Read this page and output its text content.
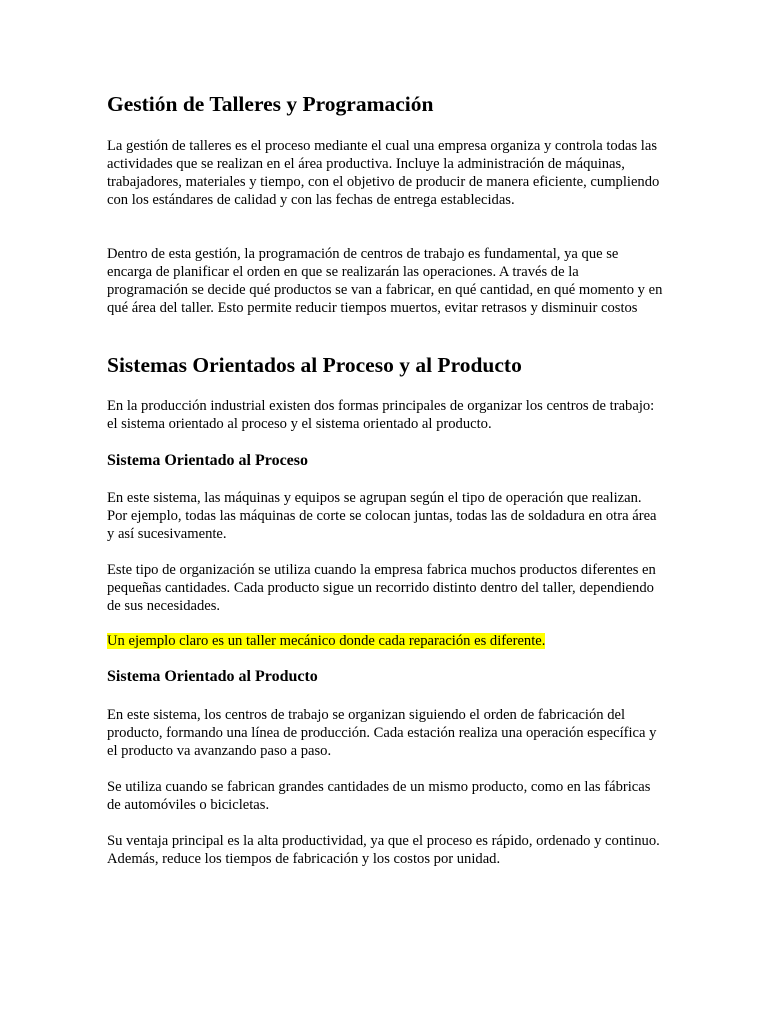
Gestión de Talleres y Programación

La gestión de talleres es el proceso mediante el cual una empresa organiza y controla todas las actividades que se realizan en el área productiva. Incluye la administración de máquinas, trabajadores, materiales y tiempo, con el objetivo de producir de manera eficiente, cumpliendo con los estándares de calidad y con las fechas de entrega establecidas.

Dentro de esta gestión, la programación de centros de trabajo es fundamental, ya que se encarga de planificar el orden en que se realizarán las operaciones. A través de la programación se decide qué productos se van a fabricar, en qué cantidad, en qué momento y en qué área del taller. Esto permite reducir tiempos muertos, evitar retrasos y disminuir costos

Sistemas Orientados al Proceso y al Producto

En la producción industrial existen dos formas principales de organizar los centros de trabajo: el sistema orientado al proceso y el sistema orientado al producto.

Sistema Orientado al Proceso

En este sistema, las máquinas y equipos se agrupan según el tipo de operación que realizan. Por ejemplo, todas las máquinas de corte se colocan juntas, todas las de soldadura en otra área y así sucesivamente.

Este tipo de organización se utiliza cuando la empresa fabrica muchos productos diferentes en pequeñas cantidades. Cada producto sigue un recorrido distinto dentro del taller, dependiendo de sus necesidades.

Un ejemplo claro es un taller mecánico donde cada reparación es diferente.

Sistema Orientado al Producto

En este sistema, los centros de trabajo se organizan siguiendo el orden de fabricación del producto, formando una línea de producción. Cada estación realiza una operación específica y el producto va avanzando paso a paso.

Se utiliza cuando se fabrican grandes cantidades de un mismo producto, como en las fábricas de automóviles o bicicletas.

Su ventaja principal es la alta productividad, ya que el proceso es rápido, ordenado y continuo. Además, reduce los tiempos de fabricación y los costos por unidad.
